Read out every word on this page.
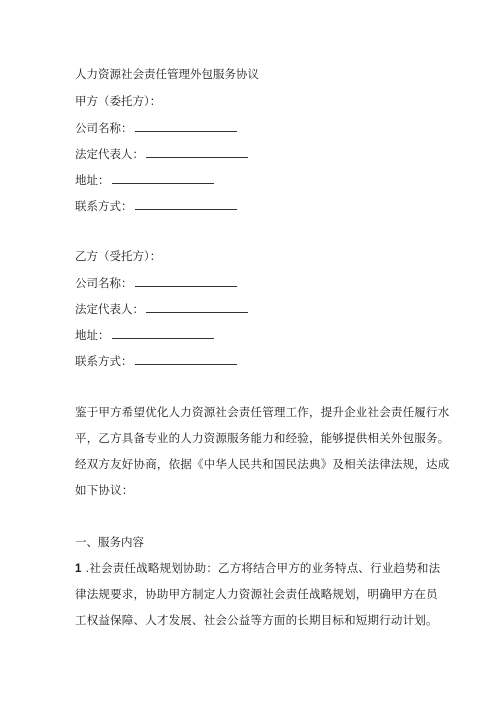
人力资源社会责任管理外包服务协议
甲方（委托方）：
公司名称：
法定代表人：
地址：
联系方式：
乙方（受托方）：
公司名称：
法定代表人：
地址：
联系方式：
鉴于甲方希望优化人力资源社会责任管理工作，提升企业社会责任履行水
平，乙方具备专业的人力资源服务能力和经验，能够提供相关外包服务。
经双方友好协商，依据《中华人民共和国民法典》及相关法律法规，达成
如下协议：
一、服务内容
1 .社会责任战略规划协助：乙方将结合甲方的业务特点、行业趋势和法
律法规要求，协助甲方制定人力资源社会责任战略规划，明确甲方在员
工权益保障、人才发展、社会公益等方面的长期目标和短期行动计划。
